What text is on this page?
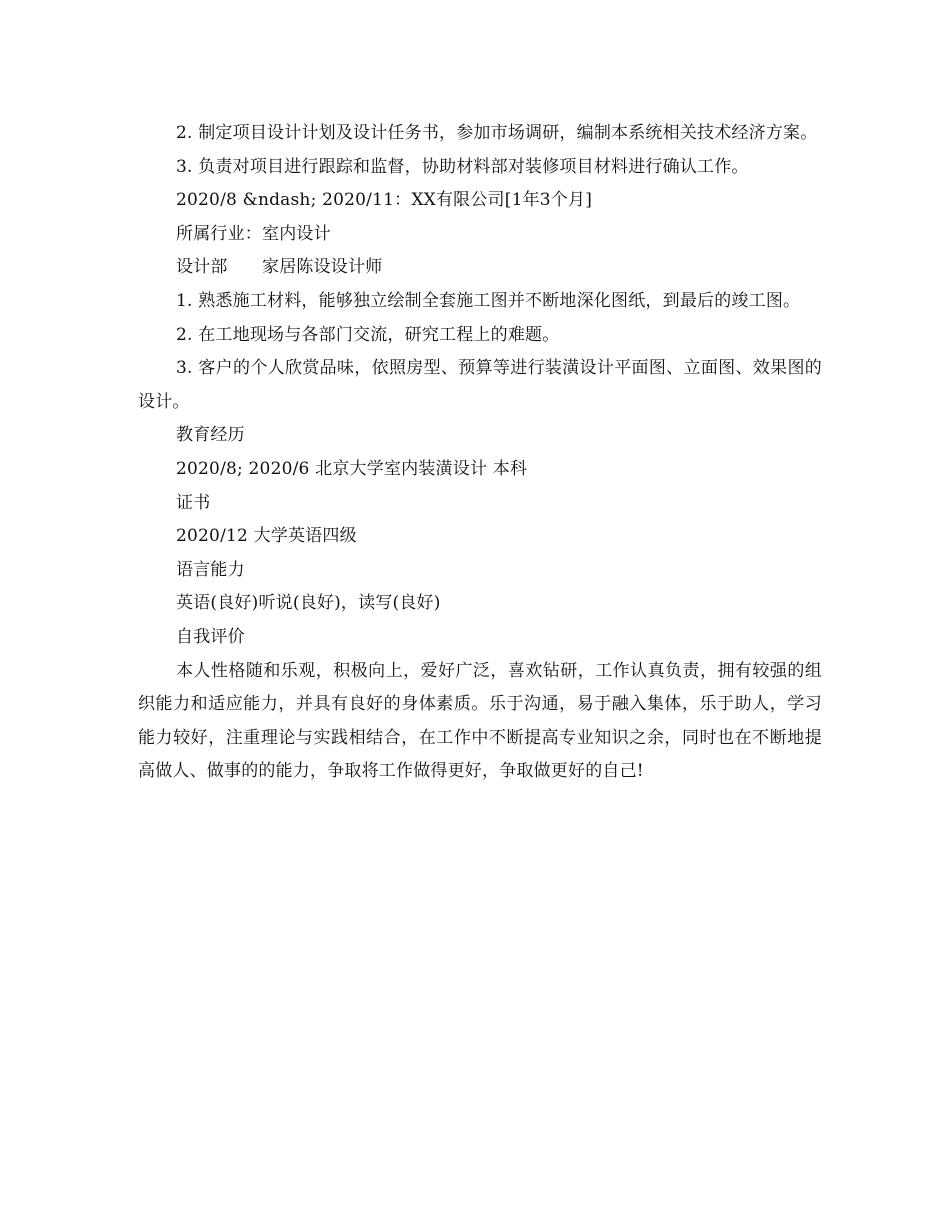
2. 制定项目设计计划及设计任务书，参加市场调研，编制本系统相关技术经济方案。

3. 负责对项目进行跟踪和监督，协助材料部对装修项目材料进行确认工作。

2020/8 &ndash; 2020/11：XX有限公司[1年3个月]

所属行业：室内设计

设计部　　家居陈设设计师

1. 熟悉施工材料，能够独立绘制全套施工图并不断地深化图纸，到最后的竣工图。

2. 在工地现场与各部门交流，研究工程上的难题。

3. 客户的个人欣赏品味，依照房型、预算等进行装潢设计平面图、立面图、效果图的设计。

教育经历

2020/8; 2020/6 北京大学室内装潢设计 本科

证书

2020/12 大学英语四级

语言能力

英语(良好)听说(良好)，读写(良好)

自我评价

本人性格随和乐观，积极向上，爱好广泛，喜欢钻研，工作认真负责，拥有较强的组织能力和适应能力，并具有良好的身体素质。乐于沟通，易于融入集体，乐于助人，学习能力较好，注重理论与实践相结合，在工作中不断提高专业知识之余，同时也在不断地提高做人、做事的的能力，争取将工作做得更好，争取做更好的自己!
